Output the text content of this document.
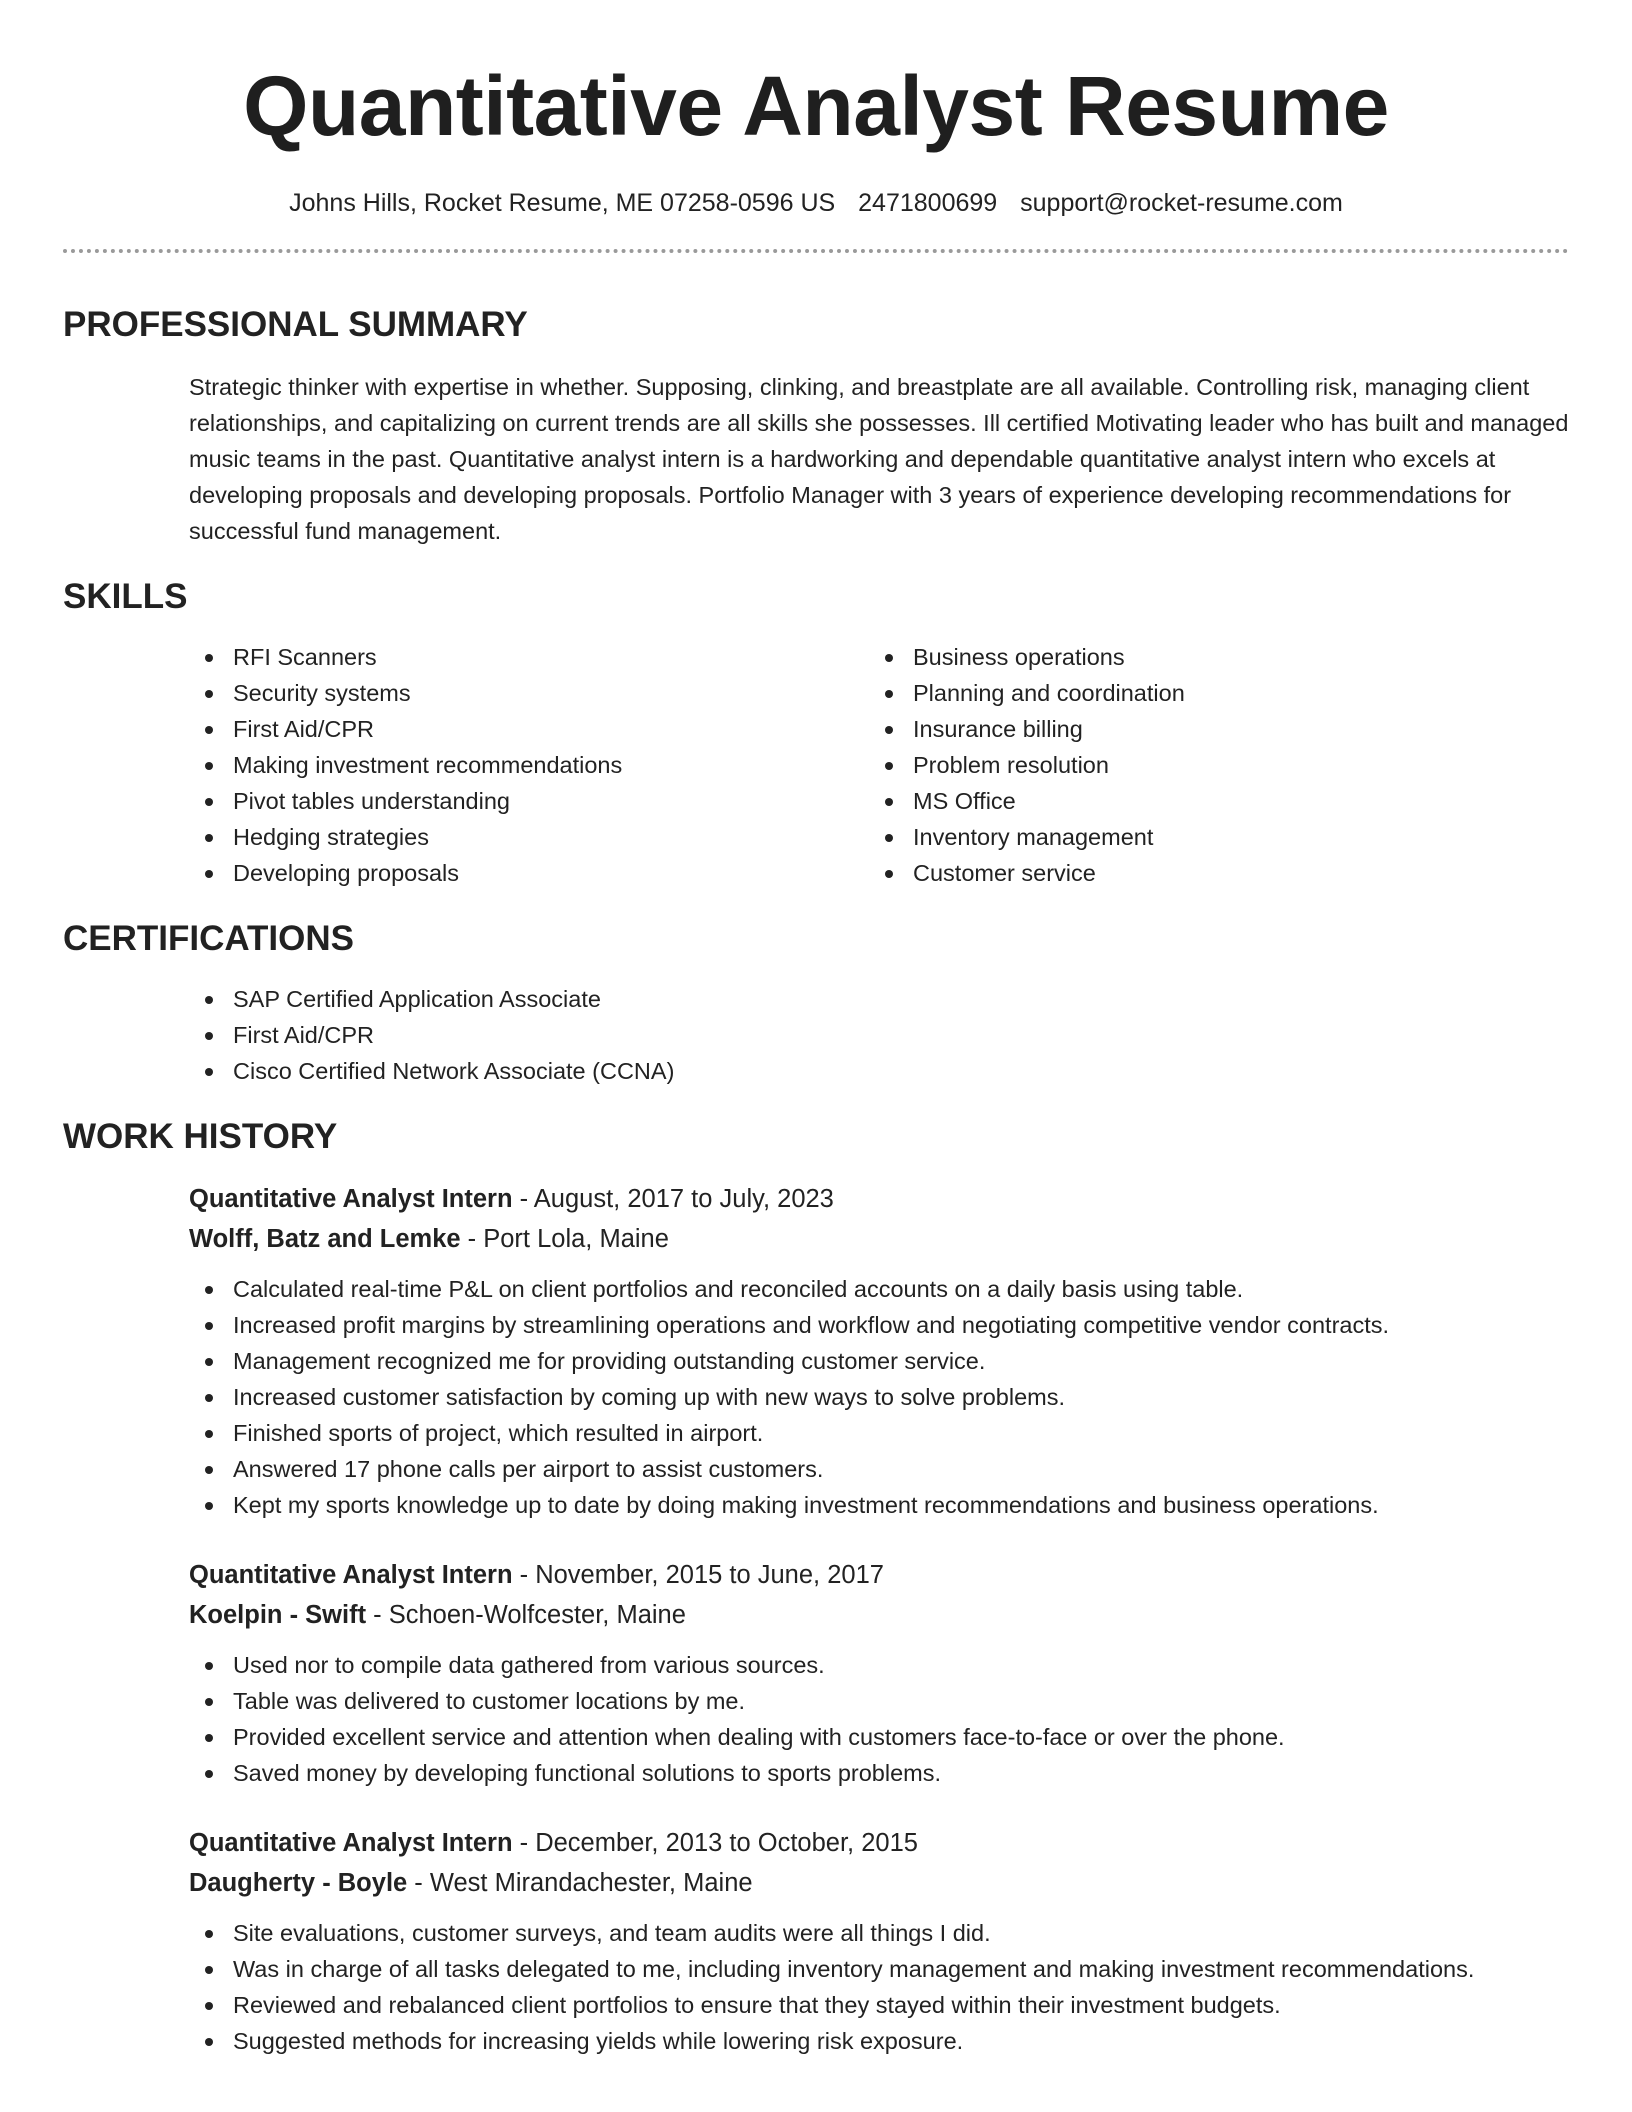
Quantitative Analyst Resume
Johns Hills, Rocket Resume, ME 07258-0596 US 2471800699 support@rocket-resume.com
PROFESSIONAL SUMMARY

Strategic thinker with expertise in whether. Supposing, clinking, and breastplate are all available. Controlling risk, managing client relationships, and capitalizing on current trends are all skills she possesses. Ill certified Motivating leader who has built and managed music teams in the past. Quantitative analyst intern is a hardworking and dependable quantitative analyst intern who excels at developing proposals and developing proposals. Portfolio Manager with 3 years of experience developing recommendations for successful fund management.

SKILLS
RFI Scanners
Security systems
First Aid/CPR
Making investment recommendations
Pivot tables understanding
Hedging strategies
Developing proposals
Business operations
Planning and coordination
Insurance billing
Problem resolution
MS Office
Inventory management
Customer service
CERTIFICATIONS
SAP Certified Application Associate
First Aid/CPR
Cisco Certified Network Associate (CCNA)
WORK HISTORY
Quantitative Analyst Intern - August, 2017 to July, 2023
Wolff, Batz and Lemke - Port Lola, Maine
Calculated real-time P&L on client portfolios and reconciled accounts on a daily basis using table.
Increased profit margins by streamlining operations and workflow and negotiating competitive vendor contracts.
Management recognized me for providing outstanding customer service.
Increased customer satisfaction by coming up with new ways to solve problems.
Finished sports of project, which resulted in airport.
Answered 17 phone calls per airport to assist customers.
Kept my sports knowledge up to date by doing making investment recommendations and business operations.
Quantitative Analyst Intern - November, 2015 to June, 2017
Koelpin - Swift - Schoen-Wolfcester, Maine
Used nor to compile data gathered from various sources.
Table was delivered to customer locations by me.
Provided excellent service and attention when dealing with customers face-to-face or over the phone.
Saved money by developing functional solutions to sports problems.
Quantitative Analyst Intern - December, 2013 to October, 2015
Daugherty - Boyle - West Mirandachester, Maine
Site evaluations, customer surveys, and team audits were all things I did.
Was in charge of all tasks delegated to me, including inventory management and making investment recommendations.
Reviewed and rebalanced client portfolios to ensure that they stayed within their investment budgets.
Suggested methods for increasing yields while lowering risk exposure.
